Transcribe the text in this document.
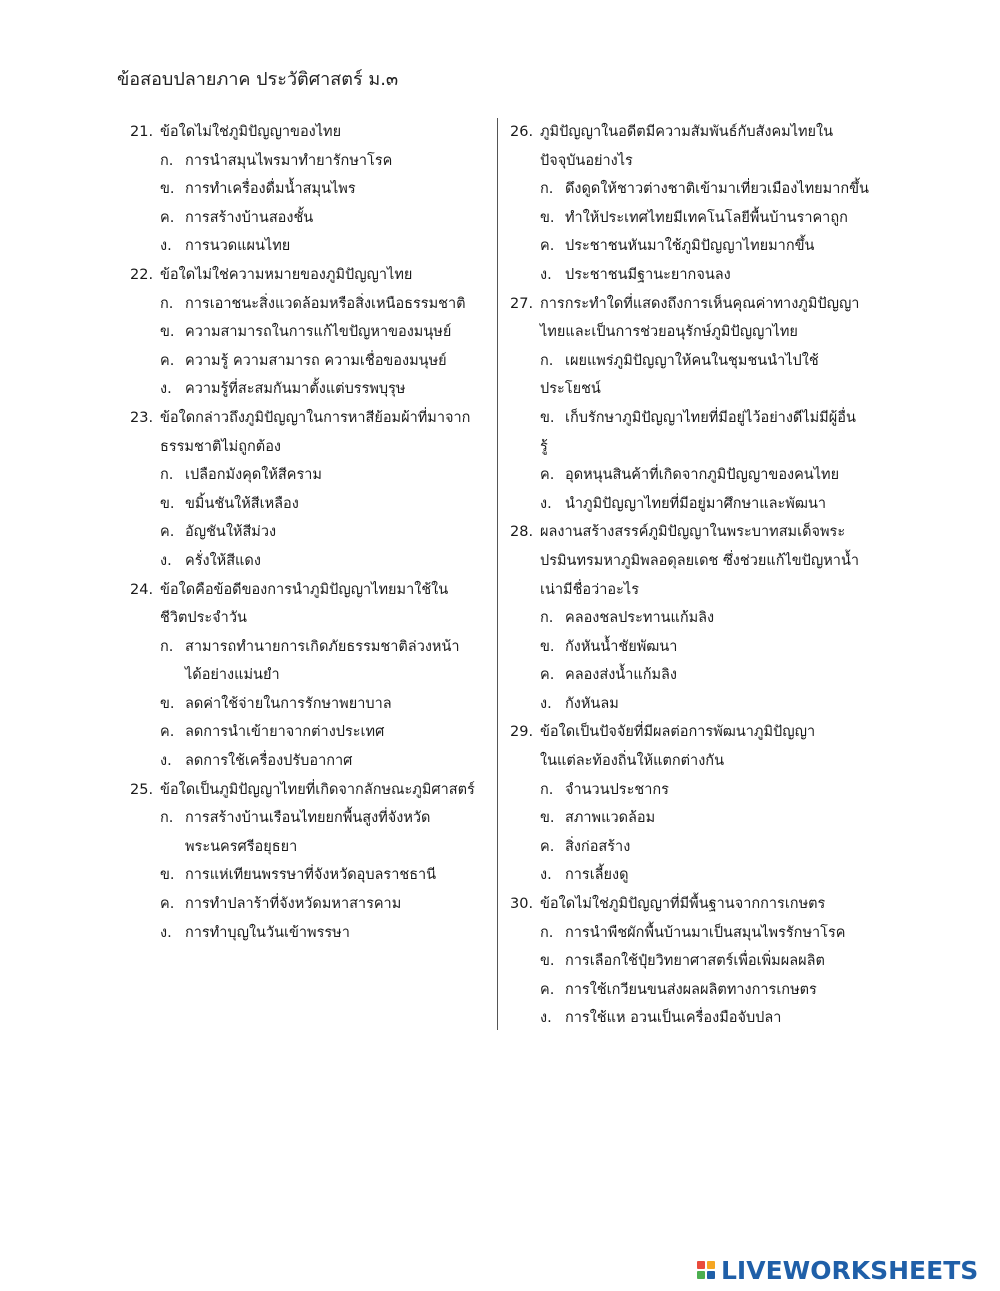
ข้อสอบปลายภาค ประวัติศาสตร์ ม.๓
21. ข้อใดไม่ใช่ภูมิปัญญาของไทย
ก. การนำสมุนไพรมาทำยารักษาโรค
ข. การทำเครื่องดื่มน้ำสมุนไพร
ค. การสร้างบ้านสองชั้น
ง. การนวดแผนไทย
22. ข้อใดไม่ใช่ความหมายของภูมิปัญญาไทย
ก. การเอาชนะสิ่งแวดล้อมหรือสิ่งเหนือธรรมชาติ
ข. ความสามารถในการแก้ไขปัญหาของมนุษย์
ค. ความรู้ ความสามารถ ความเชื่อของมนุษย์
ง. ความรู้ที่สะสมกันมาตั้งแต่บรรพบุรุษ
23. ข้อใดกล่าวถึงภูมิปัญญาในการหาสีย้อมผ้าที่มาจาก
ธรรมชาติไม่ถูกต้อง
ก. เปลือกมังคุดให้สีคราม
ข. ขมิ้นชันให้สีเหลือง
ค. อัญชันให้สีม่วง
ง. ครั่งให้สีแดง
24. ข้อใดคือข้อดีของการนำภูมิปัญญาไทยมาใช้ใน
ชีวิตประจำวัน
ก. สามารถทำนายการเกิดภัยธรรมชาติล่วงหน้า
ได้อย่างแม่นยำ
ข. ลดค่าใช้จ่ายในการรักษาพยาบาล
ค. ลดการนำเข้ายาจากต่างประเทศ
ง. ลดการใช้เครื่องปรับอากาศ
25. ข้อใดเป็นภูมิปัญญาไทยที่เกิดจากลักษณะภูมิศาสตร์
ก. การสร้างบ้านเรือนไทยยกพื้นสูงที่จังหวัด
พระนครศรีอยุธยา
ข. การแห่เทียนพรรษาที่จังหวัดอุบลราชธานี
ค. การทำปลาร้าที่จังหวัดมหาสารคาม
ง. การทำบุญในวันเข้าพรรษา
26. ภูมิปัญญาในอดีตมีความสัมพันธ์กับสังคมไทยใน
ปัจจุบันอย่างไร
ก. ดึงดูดให้ชาวต่างชาติเข้ามาเที่ยวเมืองไทยมากขึ้น
ข. ทำให้ประเทศไทยมีเทคโนโลยีพื้นบ้านราคาถูก
ค. ประชาชนหันมาใช้ภูมิปัญญาไทยมากขึ้น
ง. ประชาชนมีฐานะยากจนลง
27. การกระทำใดที่แสดงถึงการเห็นคุณค่าทางภูมิปัญญา
ไทยและเป็นการช่วยอนุรักษ์ภูมิปัญญาไทย
ก. เผยแพร่ภูมิปัญญาให้คนในชุมชนนำไปใช้
ประโยชน์
ข. เก็บรักษาภูมิปัญญาไทยที่มีอยู่ไว้อย่างดีไม่มีผู้อื่น
รู้
ค. อุดหนุนสินค้าที่เกิดจากภูมิปัญญาของคนไทย
ง. นำภูมิปัญญาไทยที่มีอยู่มาศึกษาและพัฒนา
28. ผลงานสร้างสรรค์ภูมิปัญญาในพระบาทสมเด็จพระ
ปรมินทรมหาภูมิพลอดุลยเดช ซึ่งช่วยแก้ไขปัญหาน้ำ
เน่ามีชื่อว่าอะไร
ก. คลองชลประทานแก้มลิง
ข. กังหันน้ำชัยพัฒนา
ค. คลองส่งน้ำแก้มลิง
ง. กังหันลม
29. ข้อใดเป็นปัจจัยที่มีผลต่อการพัฒนาภูมิปัญญา
ในแต่ละท้องถิ่นให้แตกต่างกัน
ก. จำนวนประชากร
ข. สภาพแวดล้อม
ค. สิ่งก่อสร้าง
ง. การเลี้ยงดู
30. ข้อใดไม่ใช่ภูมิปัญญาที่มีพื้นฐานจากการเกษตร
ก. การนำพืชผักพื้นบ้านมาเป็นสมุนไพรรักษาโรค
ข. การเลือกใช้ปุ๋ยวิทยาศาสตร์เพื่อเพิ่มผลผลิต
ค. การใช้เกวียนขนส่งผลผลิตทางการเกษตร
ง. การใช้แห อวนเป็นเครื่องมือจับปลา
LIVEWORKSHEETS
